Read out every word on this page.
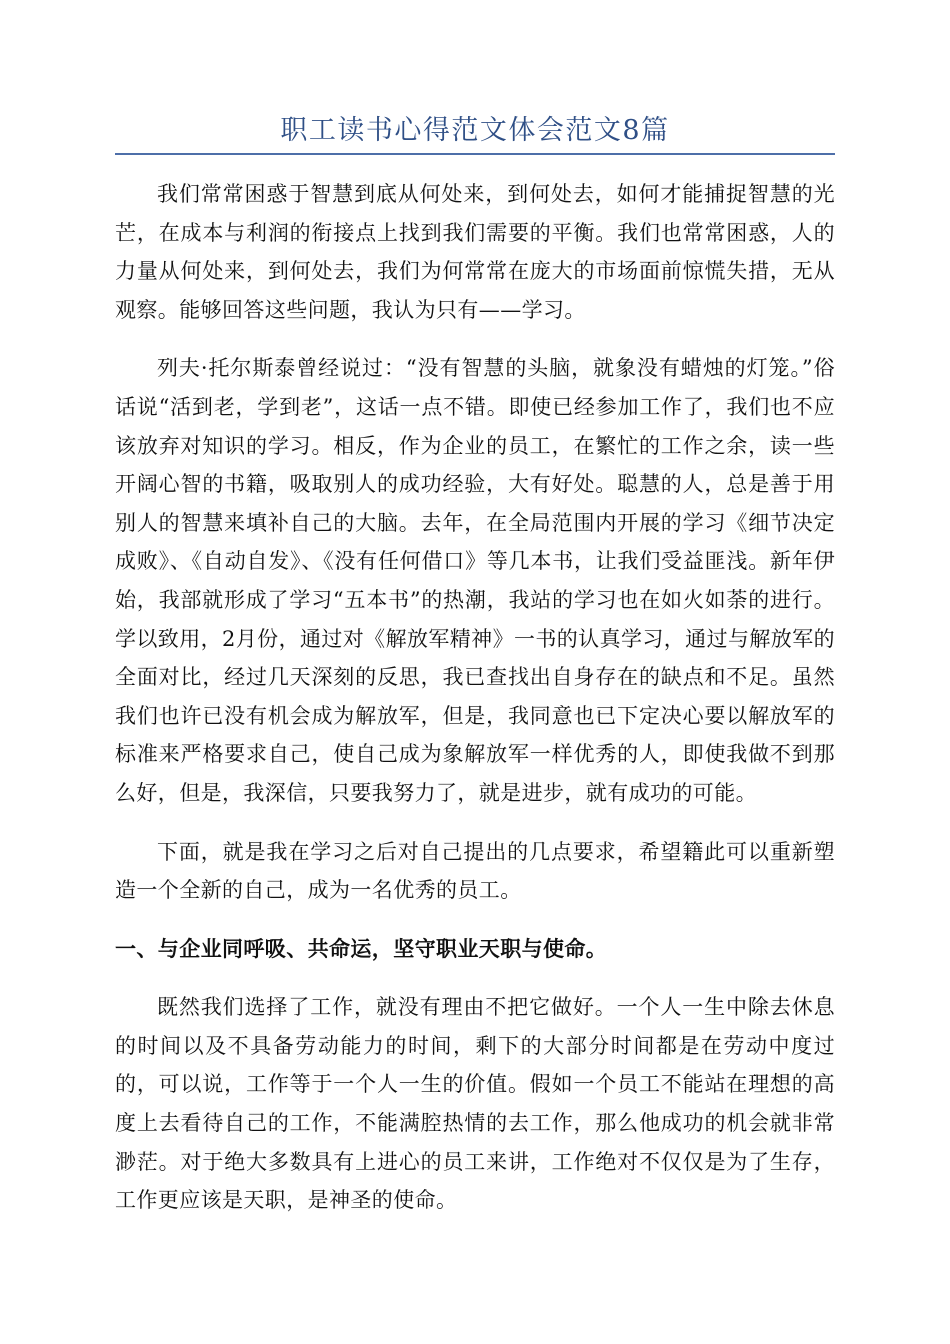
职工读书心得范文体会范文8篇

我们常常困惑于智慧到底从何处来，到何处去，如何才能捕捉智慧的光芒，在成本与利润的衔接点上找到我们需要的平衡。我们也常常困惑，人的力量从何处来，到何处去，我们为何常常在庞大的市场面前惊慌失措，无从观察。能够回答这些问题，我认为只有——学习。

列夫·托尔斯泰曾经说过：“没有智慧的头脑，就象没有蜡烛的灯笼。”俗话说“活到老，学到老”，这话一点不错。即使已经参加工作了，我们也不应该放弃对知识的学习。相反，作为企业的员工，在繁忙的工作之余，读一些开阔心智的书籍，吸取别人的成功经验，大有好处。聪慧的人，总是善于用别人的智慧来填补自己的大脑。去年，在全局范围内开展的学习《细节决定成败》、《自动自发》、《没有任何借口》等几本书，让我们受益匪浅。新年伊始，我部就形成了学习“五本书”的热潮，我站的学习也在如火如荼的进行。学以致用，2月份，通过对《解放军精神》一书的认真学习，通过与解放军的全面对比，经过几天深刻的反思，我已查找出自身存在的缺点和不足。虽然我们也许已没有机会成为解放军，但是，我同意也已下定决心要以解放军的标准来严格要求自己，使自己成为象解放军一样优秀的人，即使我做不到那么好，但是，我深信，只要我努力了，就是进步，就有成功的可能。

下面，就是我在学习之后对自己提出的几点要求，希望籍此可以重新塑造一个全新的自己，成为一名优秀的员工。

一、与企业同呼吸、共命运，坚守职业天职与使命。

既然我们选择了工作，就没有理由不把它做好。一个人一生中除去休息的时间以及不具备劳动能力的时间，剩下的大部分时间都是在劳动中度过的，可以说，工作等于一个人一生的价值。假如一个员工不能站在理想的高度上去看待自己的工作，不能满腔热情的去工作，那么他成功的机会就非常渺茫。对于绝大多数具有上进心的员工来讲，工作绝对不仅仅是为了生存，工作更应该是天职，是神圣的使命。
